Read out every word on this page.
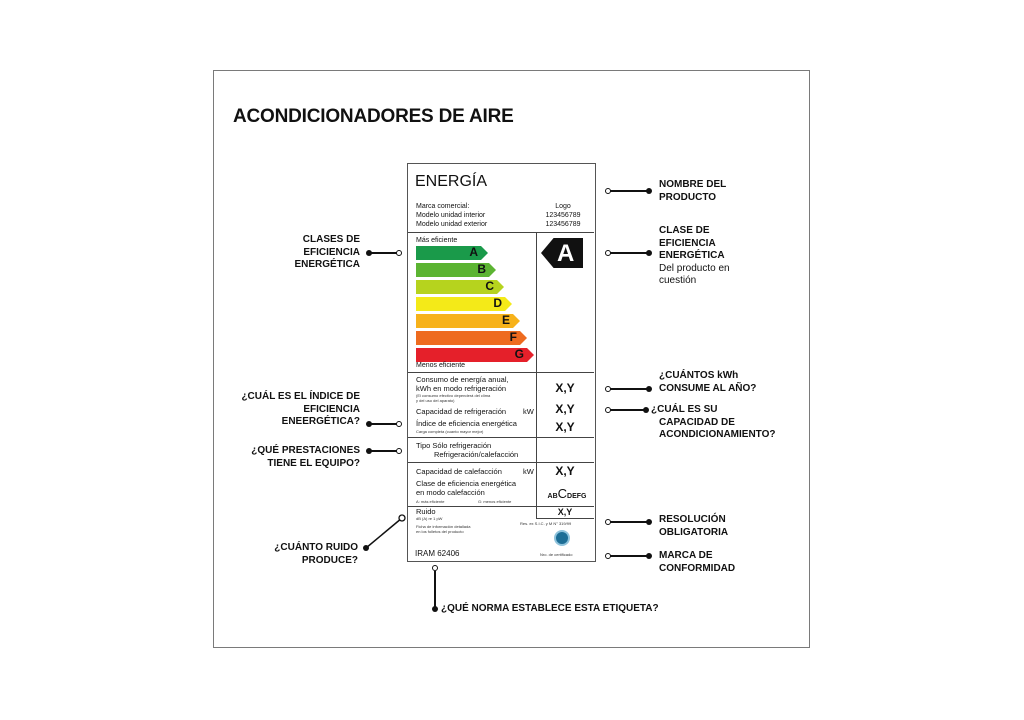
ACONDICIONADORES DE AIRE
ENERGÍA
Marca comercial:	Logo
Modelo unidad interior	123456789
Modelo unidad exterior	123456789
Más eficiente
A
B
C
D
E
F
G
Menos eficiente
A
Consumo de energía anual,
kWh en modo refrigeración
(El consumo efectivo dependerá del clima
y del uso del aparato)
X,Y
Capacidad de refrigeración kW	X,Y
Índice de eficiencia energética
Carga completa (cuanto mayor mejor)	X,Y
Tipo Sólo refrigeración
Refrigeración/calefacción
Capacidad de calefacción	kW	X,Y
Clase de eficiencia energética
en modo calefacción
A: más eficiente	G: menos eficiente
ABCDEFG
Ruido
dB (A) re 1 pW
X,Y
Ficha de información detallada
en los folletos del producto
Res. ex S.I.C. y M N° 319/99
Nro. de certificado
IRAM 62406
CLASES DE
EFICIENCIA
ENERGÉTICA
¿CUÁL ES EL ÍNDICE DE
EFICIENCIA
ENEERGÉTICA?
¿QUÉ PRESTACIONES
TIENE EL EQUIPO?
¿CUÁNTO RUIDO
PRODUCE?
NOMBRE DEL
PRODUCTO
CLASE DE
EFICIENCIA
ENERGÉTICA
Del producto en
cuestión
¿CUÁNTOS kWh
CONSUME AL AÑO?
¿CUÁL ES SU
CAPACIDAD DE
ACONDICIONAMIENTO?
RESOLUCIÓN
OBLIGATORIA
MARCA DE
CONFORMIDAD
¿QUÉ NORMA ESTABLECE ESTA ETIQUETA?
